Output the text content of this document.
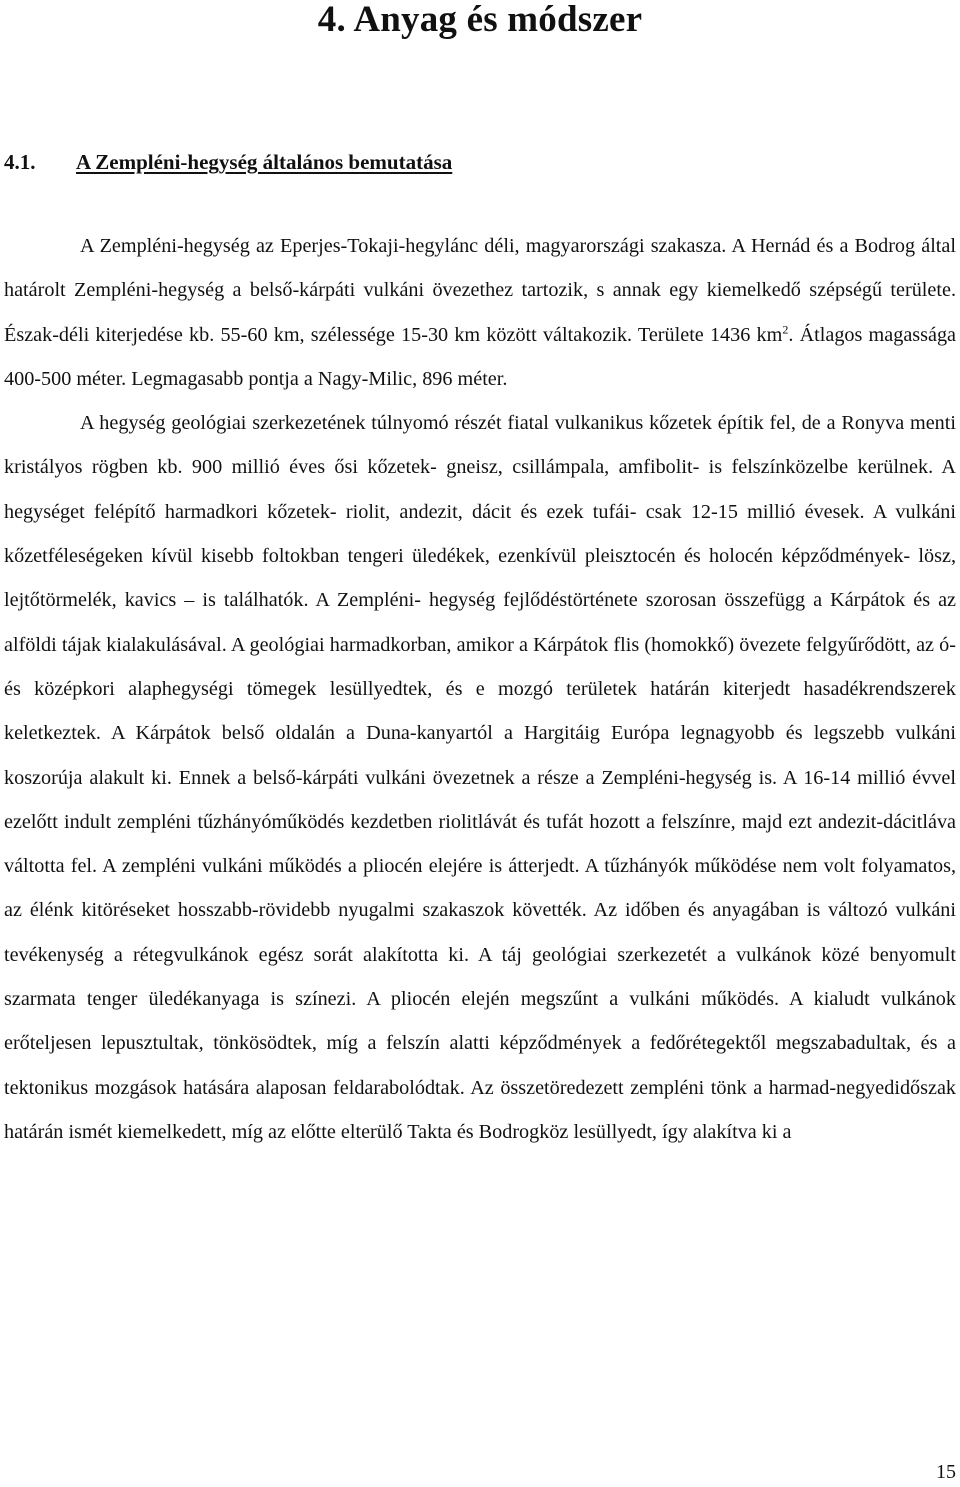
4. Anyag és módszer
4.1. A Zempléni-hegység általános bemutatása

A Zempléni-hegység az Eperjes-Tokaji-hegylánc déli, magyarországi szakasza. A Hernád és a Bodrog által határolt Zempléni-hegység a belső-kárpáti vulkáni övezethez tartozik, s annak egy kiemelkedő szépségű területe. Észak-déli kiterjedése kb. 55-60 km, szélessége 15-30 km között váltakozik. Területe 1436 $km^2$. Átlagos magassága 400-500 méter. Legmagasabb pontja a Nagy-Milic, 896 méter.

A hegység geológiai szerkezetének túlnyomó részét fiatal vulkanikus kőzetek építik fel, de a Ronyva menti kristályos rögben kb. 900 millió éves ősi kőzetek- gneisz, csillámpala, amfibolit- is felszínközelbe kerülnek. A hegységet felépítő harmadkori kőzetek- riolit, andezit, dácit és ezek tufái- csak 12-15 millió évesek. A vulkáni kőzetféleségeken kívül kisebb foltokban tengeri üledékek, ezenkívül pleisztocén és holocén képződmények- lösz, lejtőtörmelék, kavics – is találhatók. A Zempléni- hegység fejlődéstörténete szorosan összefügg a Kárpátok és az alföldi tájak kialakulásával. A geológiai harmadkorban, amikor a Kárpátok flis (homokkő) övezete felgyűrődött, az ó- és középkori alaphegységi tömegek lesüllyedtek, és e mozgó területek határán kiterjedt hasadékrendszerek keletkeztek. A Kárpátok belső oldalán a Duna-kanyartól a Hargitáig Európa legnagyobb és legszebb vulkáni koszorúja alakult ki. Ennek a belső-kárpáti vulkáni övezetnek a része a Zempléni-hegység is. A 16-14 millió évvel ezelőtt indult zempléni tűzhányóműködés kezdetben riolitlávát és tufát hozott a felszínre, majd ezt andezit-dácitláva váltotta fel. A zempléni vulkáni működés a pliocén elejére is átterjedt. A tűzhányók működése nem volt folyamatos, az élénk kitöréseket hosszabb-rövidebb nyugalmi szakaszok követték. Az időben és anyagában is változó vulkáni tevékenység a rétegvulkánok egész sorát alakította ki. A táj geológiai szerkezetét a vulkánok közé benyomult szarmata tenger üledékanyaga is színezi. A pliocén elején megszűnt a vulkáni működés. A kialudt vulkánok erőteljesen lepusztultak, tönkösödtek, míg a felszín alatti képződmények a fedőrétegektől megszabadultak, és a tektonikus mozgások hatására alaposan feldarabolódtak. Az összetöredezett zempléni tönk a harmad-negyedidőszak határán ismét kiemelkedett, míg az előtte elterülő Takta és Bodrogköz lesüllyedt, így alakítva ki a

15
